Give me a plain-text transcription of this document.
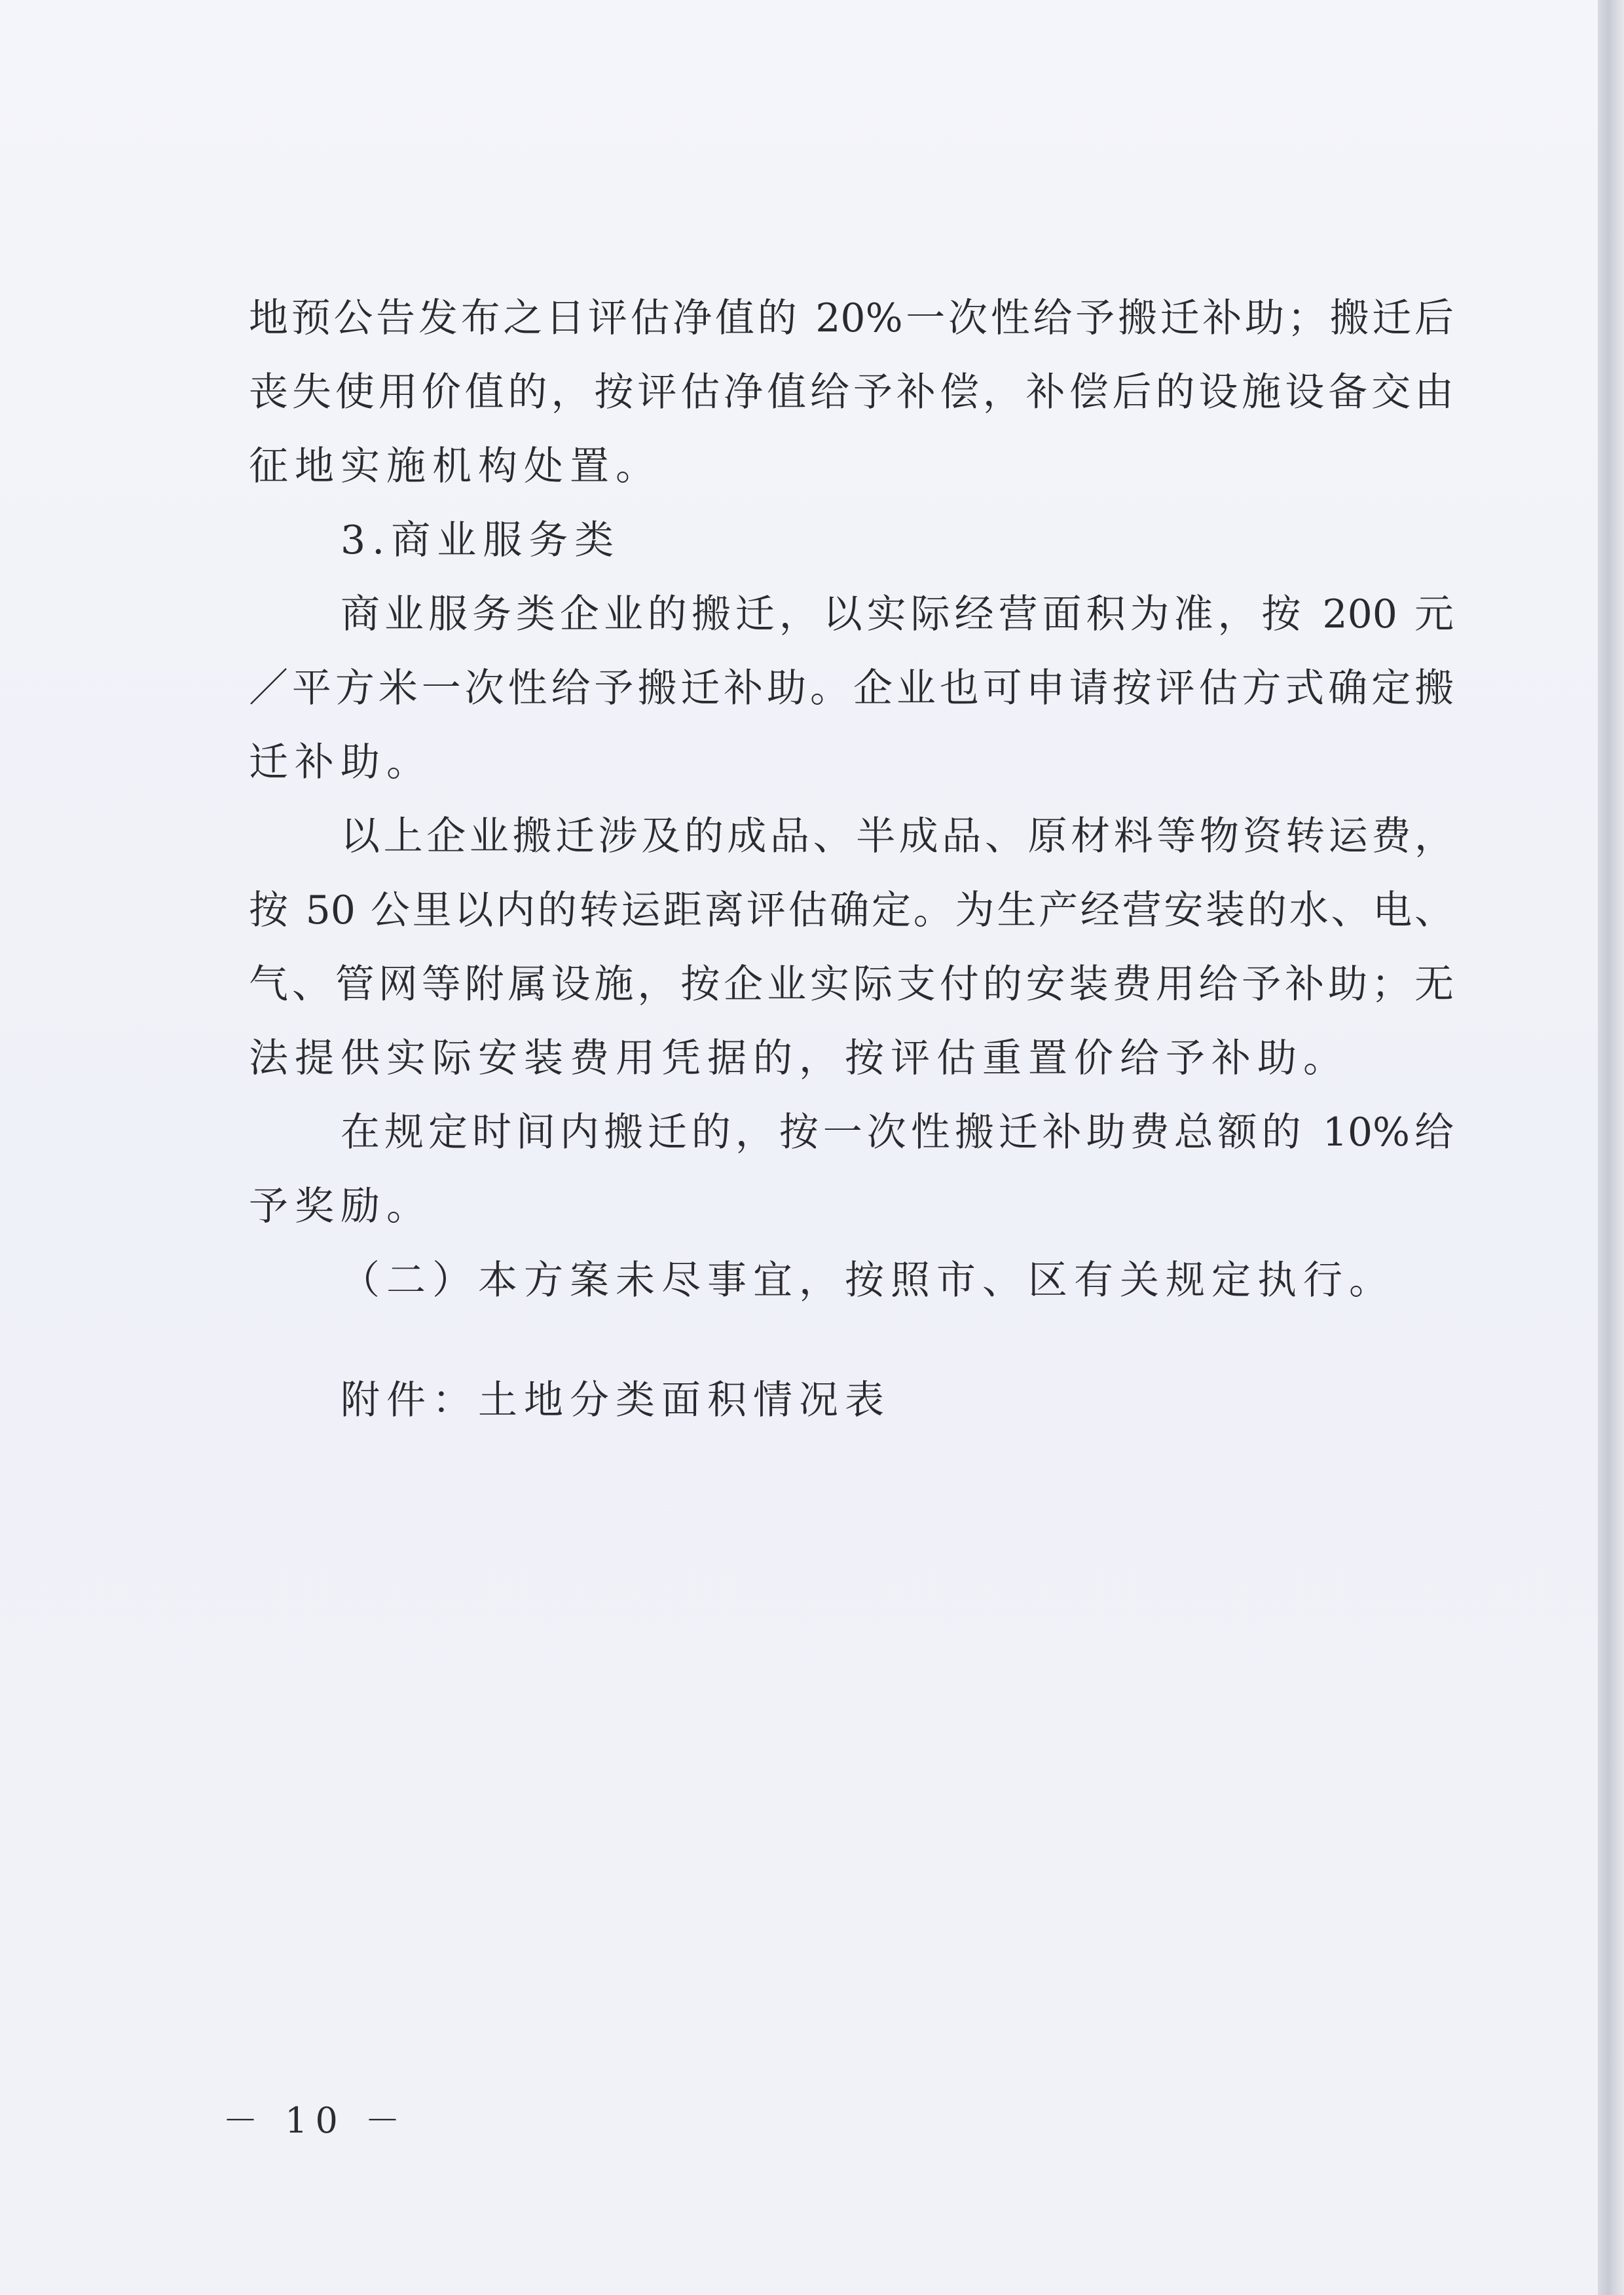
地预公告发布之日评估净值的 20%一次性给予搬迁补助；搬迁后
丧失使用价值的，按评估净值给予补偿，补偿后的设施设备交由
征地实施机构处置。
3.商业服务类
商业服务类企业的搬迁，以实际经营面积为准，按 200 元
／平方米一次性给予搬迁补助。企业也可申请按评估方式确定搬
迁补助。
以上企业搬迁涉及的成品、半成品、原材料等物资转运费，
按 50 公里以内的转运距离评估确定。为生产经营安装的水、电、
气、管网等附属设施，按企业实际支付的安装费用给予补助；无
法提供实际安装费用凭据的，按评估重置价给予补助。
在规定时间内搬迁的，按一次性搬迁补助费总额的 10%给
予奖励。
（二）本方案未尽事宜，按照市、区有关规定执行。
附件：土地分类面积情况表
－ 10 －
